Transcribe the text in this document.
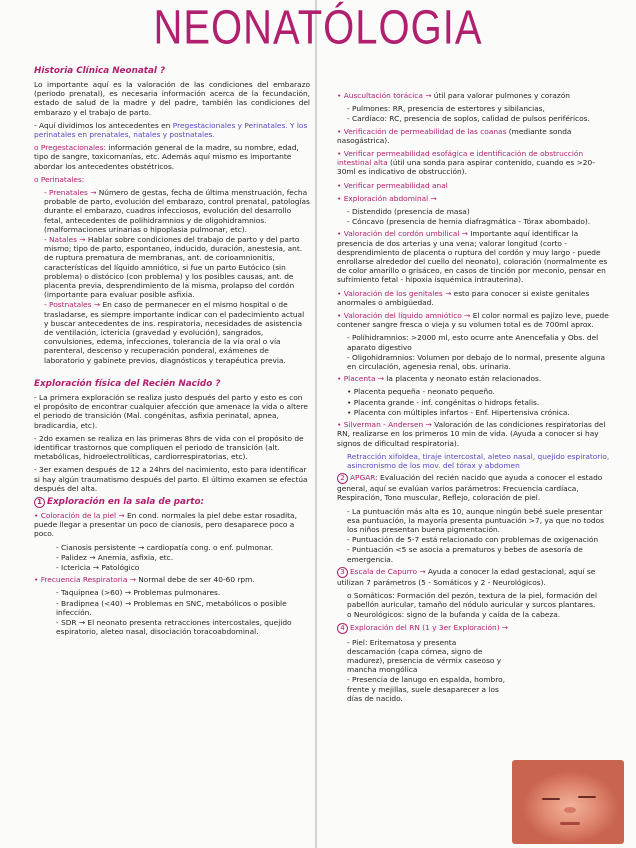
NEONATÓLOGIA
Historia Clínica Neonatal ?
Lo importante aquí es la valoración de las condiciones del embarazo (periodo prenatal), es necesaria información acerca de la fecundación, estado de salud de la madre y del padre, también las condiciones del embarazo y el trabajo de parto.
- Aquí dividimos los antecedentes en Pregestacionales y Perinatales. Y los perinatales en prenatales, natales y postnatales.
o Pregestacionales: información general de la madre, su nombre, edad, tipo de sangre, toxicomanías, etc. Además aquí mismo es importante abordar los antecedentes obstétricos.
o Perinatales:
- Prenatales → Número de gestas, fecha de última menstruación, fecha probable de parto, evolución del embarazo, control prenatal, patologías durante el embarazo, cuadros infecciosos, evolución del desarrollo fetal, antecedentes de polihidramnios y de oligohidramnios. (malformaciones urinarias o hipoplasia pulmonar, etc).
- Natales → Hablar sobre condiciones del trabajo de parto y del parto mismo; tipo de parto, espontaneo, inducido, duración, anestesia, ant. de ruptura prematura de membranas, ant. de corioamnionitis, características del líquido amniótico, si fue un parto Eutócico (sin problema) o distócico (con problema) y los posibles causas, ant. de placenta previa, desprendimiento de la misma, prolapso del cordón (importante para evaluar posible asfixia.
- Postnatales → En caso de permanecer en el mismo hospital o de trasladarse, es siempre importante indicar con el padecimiento actual y buscar antecedentes de ins. respiratoria, necesidades de asistencia de ventilación, ictericia (gravedad y evolución), sangrados, convulsiones, edema, infecciones, tolerancia de la vía oral o vía parenteral, descenso y recuperación ponderal, exámenes de laboratorio y gabinete previos, diagnósticos y terapéutica previa.
Exploración física del Recién Nacido ?
- La primera exploración se realiza justo después del parto y esto es con el propósito de encontrar cualquier afección que amenace la vida o altere el periodo de transición (Mal. congénitas, asfixia perinatal, apnea, bradicardia, etc).
- 2do examen se realiza en las primeras 8hrs de vida con el propósito de identificar trastornos que compliquen el periodo de transición (alt. metabólicas, hidroelectrolíticas, cardiorrespiratorias, etc).
- 3er examen después de 12 a 24hrs del nacimiento, esto para identificar si hay algún traumatismo después del parto. El último examen se efectúa después del alta.
1 Exploración en la sala de parto:
• Coloración de la piel → En cond. normales la piel debe estar rosadita, puede llegar a presentar un poco de cianosis, pero desaparece poco a poco.
- Cianosis persistente → cardiopatía cong. o enf. pulmonar.
- Palidez → Anemia, asfixia, etc.
- Ictericia → Patológico
• Frecuencia Respiratoria → Normal debe de ser 40-60 rpm.
- Taquipnea (>60) → Problemas pulmonares.
- Bradipnea (<40) → Problemas en SNC, metabólicos o posible infección.
- SDR → El neonato presenta retracciones intercostales, quejido espiratorio, aleteo nasal, disociación toracoabdominal.
• Auscultación torácica → útil para valorar pulmones y corazón
- Pulmones: RR, presencia de estertores y sibilancias,
- Cardíaco: RC, presencia de soplos, calidad de pulsos periféricos.
• Verificación de permeabilidad de las coanas (mediante sonda nasogástrica).
• Verificar permeabilidad esofágica e identificación de obstrucción intestinal alta (útil una sonda para aspirar contenido, cuando es >20-30ml es indicativo de obstrucción).
• Verificar permeabilidad anal
• Exploración abdominal →
- Distendido (presencia de masa)
- Cóncavo (presencia de hernia diafragmática - Tórax abombado).
• Valoración del cordón umbilical → Importante aquí identificar la presencia de dos arterias y una vena; valorar longitud (corto - desprendimiento de placenta o ruptura del cordón y muy largo - puede enrollarse alrededor del cuello del neonato), coloración (normalmente es de color amarillo o grisáceo, en casos de tinción por meconio, pensar en sufrimiento fetal - hipoxia isquémica intrauterina).
• Valoración de los genitales → esto para conocer si existe genitales anormales o ambigüedad.
• Valoración del líquido amniótico → El color normal es pajizo leve, puede contener sangre fresca o vieja y su volumen total es de 700ml aprox.
- Polihidramnios: >2000 ml, esto ocurre ante Anencefalia y Obs. del aparato digestivo
- Oligohidramnios: Volumen por debajo de lo normal, presente alguna en circulación, agenesia renal, obs. urinaria.
• Placenta → la placenta y neonato están relacionados.
• Placenta pequeña - neonato pequeño.
• Placenta grande - inf. congénitas o hidrops fetalis.
• Placenta con múltiples infartos - Enf. Hipertensiva crónica.
• Silverman - Andersen → Valoración de las condiciones respiratorias del RN, realizarse en los primeros 10 min de vida. (Ayuda a conocer si hay signos de dificultad respiratoria).
Retracción xifoidea, tiraje intercostal, aleteo nasal, quejido espiratorio, asincronismo de los mov. del tórax y abdomen
2 APGAR: Evaluación del recién nacido que ayuda a conocer el estado general, aquí se evalúan varios parámetros: Frecuencia cardíaca, Respiración, Tono muscular, Reflejo, coloración de piel.
- La puntuación más alta es 10, aunque ningún bebé suele presentar esa puntuación, la mayoría presenta puntuación >7, ya que no todos los niños presentan buena pigmentación.
- Puntuación de 5-7 está relacionado con problemas de oxigenación
- Puntuación <5 se asocia a prematuros y bebes de asesoría de emergencia.
3 Escala de Capurro → Ayuda a conocer la edad gestacional, aquí se utilizan 7 parámetros (5 - Somáticos y 2 - Neurológicos).
o Somáticos: Formación del pezón, textura de la piel, formación del pabellón auricular, tamaño del nódulo auricular y surcos plantares.
o Neurológicos: signo de la bufanda y caída de la cabeza.
4 Exploración del RN (1 y 3er Exploración) →
- Piel: Eritematosa y presenta descamación (capa córnea, signo de madurez), presencia de vérmix caseoso y mancha mongólica
- Presencia de lanugo en espalda, hombro, frente y mejillas, suele desaparecer a los días de nacido.
